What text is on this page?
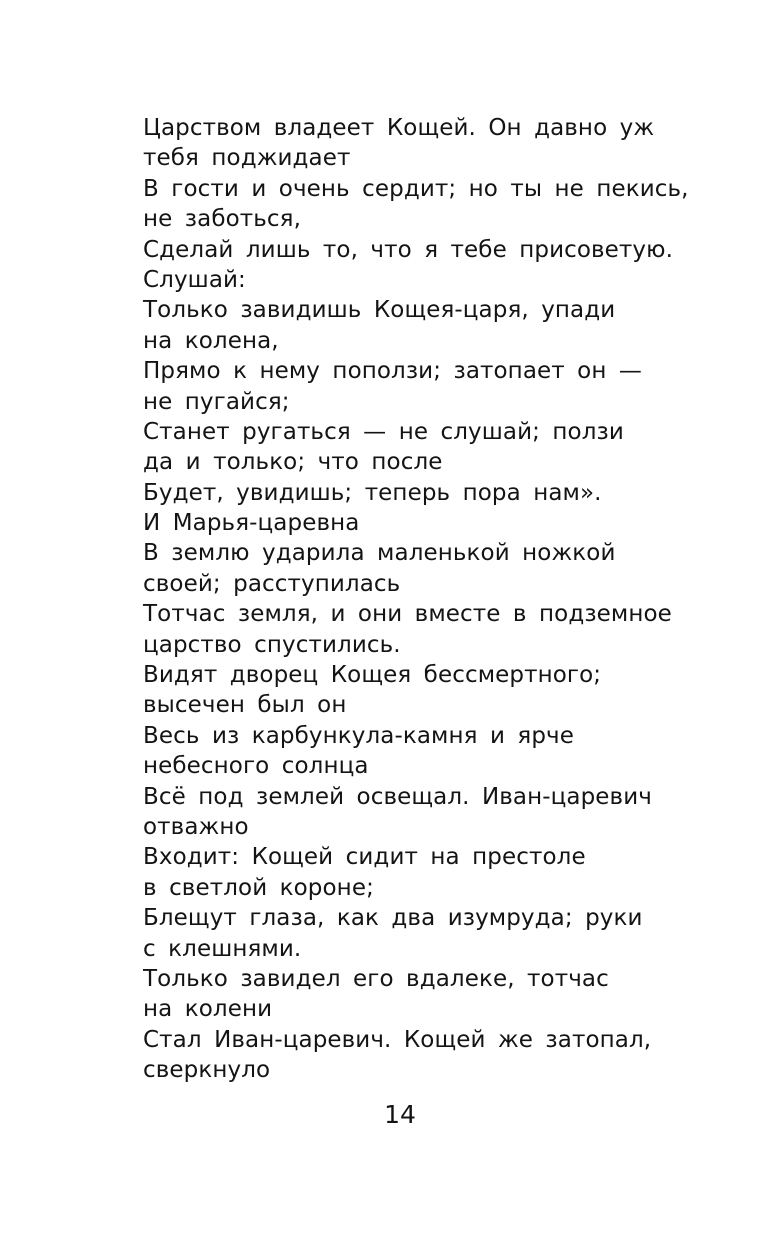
Царством владеет Кощей. Он давно уж
тебя поджидает
В гости и очень сердит; но ты не пекись,
не заботься,
Сделай лишь то, что я тебе присоветую.
Слушай:
Только завидишь Кощея-царя, упади
на колена,
Прямо к нему поползи; затопает он —
не пугайся;
Станет ругаться — не слушай; ползи
да и только; что после
Будет, увидишь; теперь пора нам».
И Марья-царевна
В землю ударила маленькой ножкой
своей; расступилась
Тотчас земля, и они вместе в подземное
царство спустились.
Видят дворец Кощея бессмертного;
высечен был он
Весь из карбункула-камня и ярче
небесного солнца
Всё под землей освещал. Иван-царевич
отважно
Входит: Кощей сидит на престоле
в светлой короне;
Блещут глаза, как два изумруда; руки
с клешнями.
Только завидел его вдалеке, тотчас
на колени
Стал Иван-царевич. Кощей же затопал,
сверкнуло
14
